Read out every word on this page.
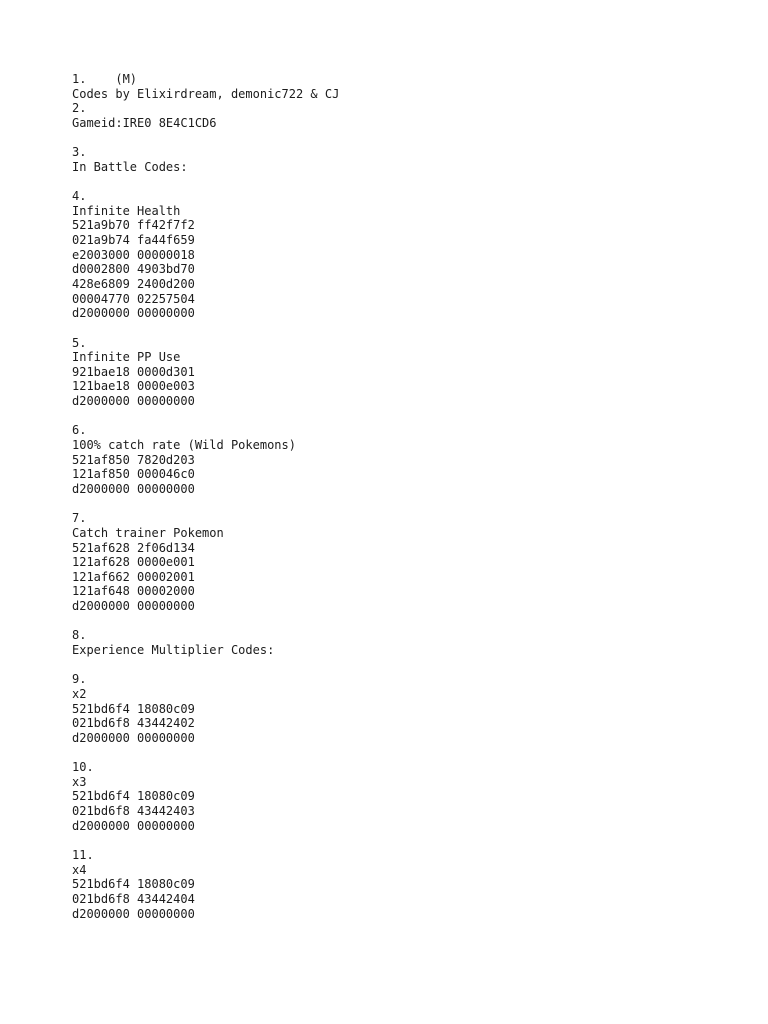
1.    (M)
Codes by Elixirdream, demonic722 & CJ
2.
Gameid:IRE0 8E4C1CD6
3.
In Battle Codes:
4.
Infinite Health
521a9b70 ff42f7f2
021a9b74 fa44f659
e2003000 00000018
d0002800 4903bd70
428e6809 2400d200
00004770 02257504
d2000000 00000000
5.
Infinite PP Use
921bae18 0000d301
121bae18 0000e003
d2000000 00000000
6.
100% catch rate (Wild Pokemons)
521af850 7820d203
121af850 000046c0
d2000000 00000000
7.
Catch trainer Pokemon
521af628 2f06d134
121af628 0000e001
121af662 00002001
121af648 00002000
d2000000 00000000
8.
Experience Multiplier Codes:
9.
x2
521bd6f4 18080c09
021bd6f8 43442402
d2000000 00000000
10.
x3
521bd6f4 18080c09
021bd6f8 43442403
d2000000 00000000
11.
x4
521bd6f4 18080c09
021bd6f8 43442404
d2000000 00000000
